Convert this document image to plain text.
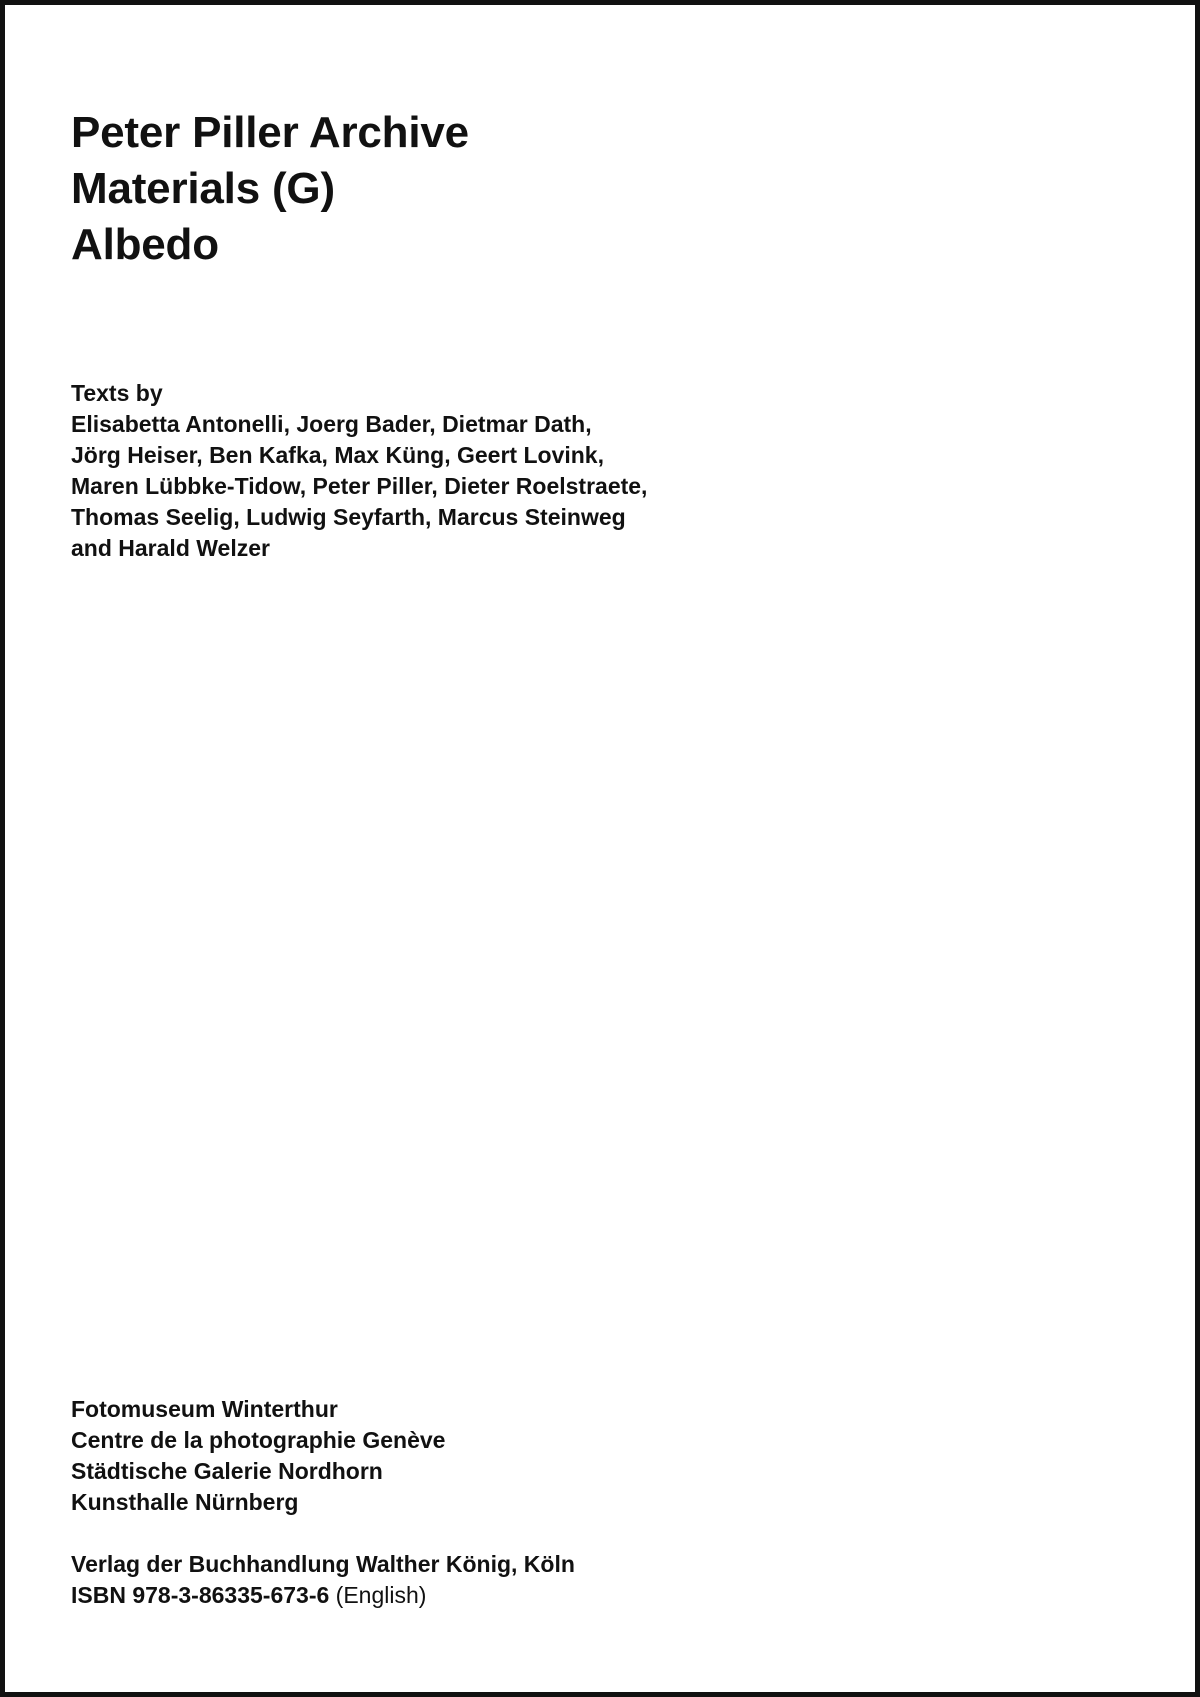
Peter Piller Archive
Materials (G)
Albedo
Texts by
Elisabetta Antonelli, Joerg Bader, Dietmar Dath,
Jörg Heiser, Ben Kafka, Max Küng, Geert Lovink,
Maren Lübbke-Tidow, Peter Piller, Dieter Roelstraete,
Thomas Seelig, Ludwig Seyfarth, Marcus Steinweg
and Harald Welzer
Fotomuseum Winterthur
Centre de la photographie Genève
Städtische Galerie Nordhorn
Kunsthalle Nürnberg
Verlag der Buchhandlung Walther König, Köln
ISBN 978-3-86335-673-6 (English)
